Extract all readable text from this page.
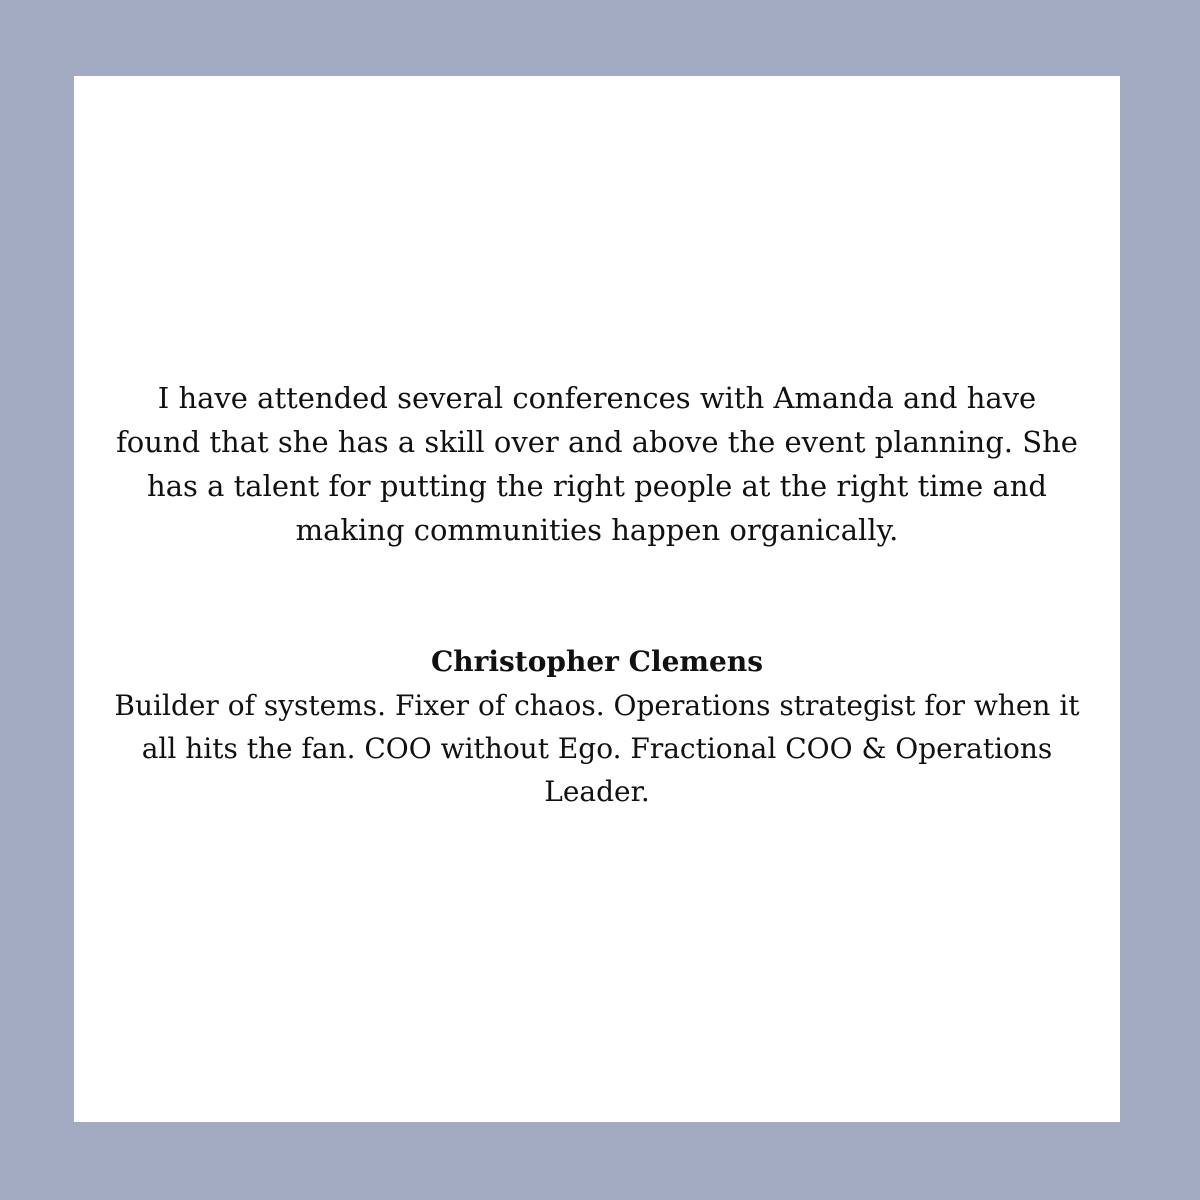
I have attended several conferences with Amanda and have found that she has a skill over and above the event planning. She has a talent for putting the right people at the right time and making communities happen organically.

Christopher Clemens

Builder of systems. Fixer of chaos. Operations strategist for when it all hits the fan. COO without Ego. Fractional COO & Operations Leader.
